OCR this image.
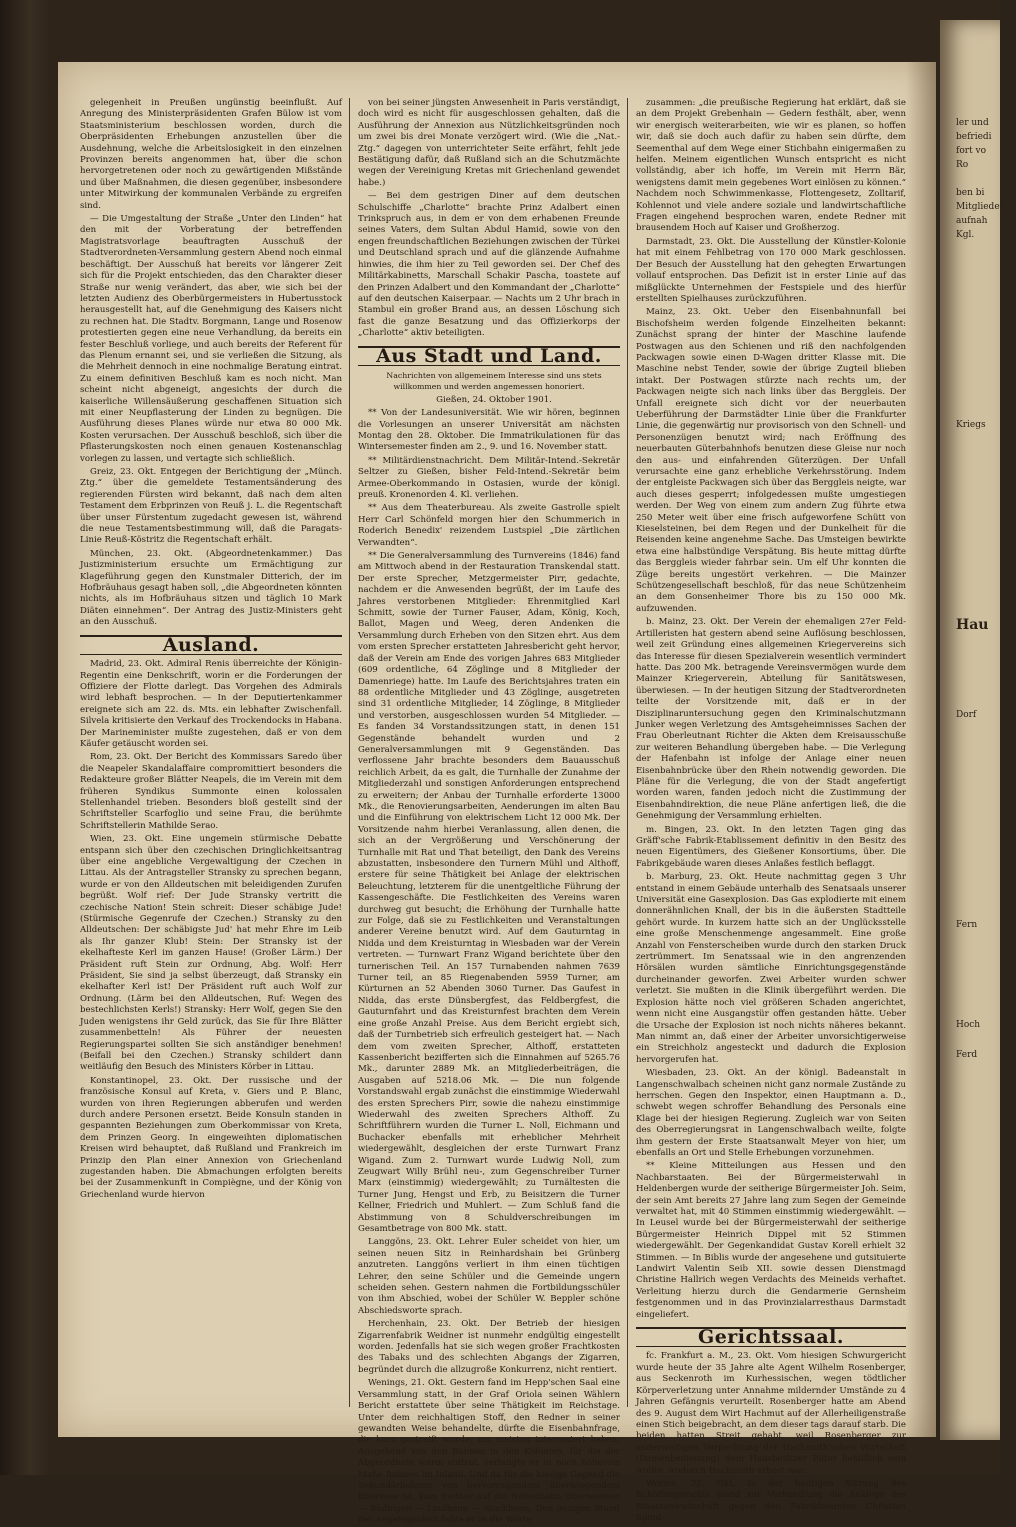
gelegenheit in Preußen ungünstig beeinflußt. Auf Anregung des Ministerpräsidenten Grafen Bülow ist vom Staatsministerium beschlossen worden, durch die Oberpräsidenten Erhebungen anzustellen über die Ausdehnung, welche die Arbeitslosigkeit in den einzelnen Provinzen bereits angenommen hat, über die schon hervorgetretenen oder noch zu gewärtigenden Mißstände und über Maßnahmen, die diesen gegenüber, insbesondere unter Mitwirkung der kommunalen Verbände zu ergreifen sind.

— Die Umgestaltung der Straße „Unter den Linden“ hat den mit der Vorberatung der betreffenden Magistratsvorlage beauftragten Ausschuß der Stadtverordneten-Versammlung gestern Abend noch einmal beschäftigt. Der Ausschuß hat bereits vor längerer Zeit sich für die Projekt entschieden, das den Charakter dieser Straße nur wenig verändert, das aber, wie sich bei der letzten Audienz des Oberbürgermeisters in Hubertusstock herausgestellt hat, auf die Genehmigung des Kaisers nicht zu rechnen hat. Die Stadtv. Borgmann, Lange und Rosenow protestierten gegen eine neue Verhandlung, da bereits ein fester Beschluß vorliege, und auch bereits der Referent für das Plenum ernannt sei, und sie verließen die Sitzung, als die Mehrheit dennoch in eine nochmalige Beratung eintrat. Zu einem definitiven Beschluß kam es noch nicht. Man scheint nicht abgeneigt, angesichts der durch die kaiserliche Willensäußerung geschaffenen Situation sich mit einer Neupflasterung der Linden zu begnügen. Die Ausführung dieses Planes würde nur etwa 80 000 Mk. Kosten verursachen. Der Ausschuß beschloß, sich über die Pflasterungskosten noch einen genauen Kostenanschlag vorlegen zu lassen, und vertagte sich schließlich.

Greiz, 23. Okt. Entgegen der Berichtigung der „Münch. Ztg.“ über die gemeldete Testamentsänderung des regierenden Fürsten wird bekannt, daß nach dem alten Testament dem Erbprinzen von Reuß j. L. die Regentschaft über unser Fürstentum zugedacht gewesen ist, während die neue Testamentsbestimmung will, daß die Paragats-Linie Reuß-Köstritz die Regentschaft erhält.

München, 23. Okt. (Abgeordnetenkammer.) Das Justizministerium ersuchte um Ermächtigung zur Klageführung gegen den Kunstmaler Ditterich, der im Hofbräuhaus gesagt haben soll, „die Abgeordneten könnten nichts, als im Hofbräuhaus sitzen und täglich 10 Mark Diäten einnehmen“. Der Antrag des Justiz-Ministers geht an den Ausschuß.

Ausland.

Madrid, 23. Okt. Admiral Renis überreichte der Königin-Regentin eine Denkschrift, worin er die Forderungen der Offiziere der Flotte darlegt. Das Vorgehen des Admirals wird lebhaft besprochen. — In der Deputiertenkammer ereignete sich am 22. ds. Mts. ein lebhafter Zwischenfall. Silvela kritisierte den Verkauf des Trockendocks in Habana. Der Marineminister mußte zugestehen, daß er von dem Käufer getäuscht worden sei.

Rom, 23. Okt. Der Bericht des Kommissars Saredo über die Neapeler Skandalaffaire compromittiert besonders die Redakteure großer Blätter Neapels, die im Verein mit dem früheren Syndikus Summonte einen kolossalen Stellenhandel trieben. Besonders bloß gestellt sind der Schriftsteller Scarfoglio und seine Frau, die berühmte Schriftstellerin Mathilde Serao.

Wien, 23. Okt. Eine ungemein stürmische Debatte entspann sich über den czechischen Dringlichkeitsantrag über eine angebliche Vergewaltigung der Czechen in Littau. Als der Antragsteller Stransky zu sprechen begann, wurde er von den Alldeutschen mit beleidigenden Zurufen begrüßt. Wolf rief: Der Jude Stransky vertritt die czechische Nation! Stein schreit: Dieser schäbige Jude! (Stürmische Gegenrufe der Czechen.) Stransky zu den Alldeutschen: Der schäbigste Jud' hat mehr Ehre im Leib als Ihr ganzer Klub! Stein: Der Stransky ist der ekelhafteste Kerl im ganzen Hause! (Großer Lärm.) Der Präsident ruft Stein zur Ordnung, Abg. Wolf: Herr Präsident, Sie sind ja selbst überzeugt, daß Stransky ein ekelhafter Kerl ist! Der Präsident ruft auch Wolf zur Ordnung. (Lärm bei den Alldeutschen, Ruf: Wegen des bestechlichsten Kerls!) Stransky: Herr Wolf, gegen Sie den Juden wenigstens ihr Geld zurück, das Sie für Ihre Blätter zusammenbetteln! Als Führer der neuesten Regierungspartei sollten Sie sich anständiger benehmen! (Beifall bei den Czechen.) Stransky schildert dann weitläufig den Besuch des Ministers Körber in Littau.

Konstantinopel, 23. Okt. Der russische und der französische Konsul auf Kreta, v. Giers und P. Blanc, wurden von ihren Regierungen abberufen und werden durch andere Personen ersetzt. Beide Konsuln standen in gespannten Beziehungen zum Oberkommissar von Kreta, dem Prinzen Georg. In eingeweihten diplomatischen Kreisen wird behauptet, daß Rußland und Frankreich im Prinzip den Plan einer Annexion von Griechenland zugestanden haben. Die Abmachungen erfolgten bereits bei der Zusammenkunft in Compiègne, und der König von Griechenland wurde hiervon

von bei seiner jüngsten Anwesenheit in Paris verständigt, doch wird es nicht für ausgeschlossen gehalten, daß die Ausführung der Annexion aus Nützlichkeitsgründen noch um zwei bis drei Monate verzögert wird. (Wie die „Nat.-Ztg.“ dagegen von unterrichteter Seite erfährt, fehlt jede Bestätigung dafür, daß Rußland sich an die Schutzmächte wegen der Vereinigung Kretas mit Griechenland gewendet habe.)

— Bei dem gestrigen Diner auf dem deutschen Schulschiffe „Charlotte“ brachte Prinz Adalbert einen Trinkspruch aus, in dem er von dem erhabenen Freunde seines Vaters, dem Sultan Abdul Hamid, sowie von den engen freundschaftlichen Beziehungen zwischen der Türkei und Deutschland sprach und auf die glänzende Aufnahme hinwies, die ihm hier zu Teil geworden sei. Der Chef des Militärkabinetts, Marschall Schakir Pascha, toastete auf den Prinzen Adalbert und den Kommandant der „Charlotte“ auf den deutschen Kaiserpaar. — Nachts um 2 Uhr brach in Stambul ein großer Brand aus, an dessen Löschung sich fast die ganze Besatzung und das Offizierkorps der „Charlotte“ aktiv beteiligten.

Aus Stadt und Land.

Nachrichten von allgemeinem Interesse sind uns stets willkommen und werden angemessen honoriert.

Gießen, 24. Oktober 1901.

** Von der Landesuniversität. Wie wir hören, beginnen die Vorlesungen an unserer Universität am nächsten Montag den 28. Oktober. Die Immatrikulationen für das Wintersemester finden am 2., 9. und 16. November statt.

** Militärdienstnachricht. Dem Militär-Intend.-Sekretär Seltzer zu Gießen, bisher Feld-Intend.-Sekretär beim Armee-Oberkommando in Ostasien, wurde der königl. preuß. Kronenorden 4. Kl. verliehen.

** Aus dem Theaterbureau. Als zweite Gastrolle spielt Herr Carl Schönfeld morgen hier den Schummerich in Roderich Benedix' reizendem Lustspiel „Die zärtlichen Verwandten“.

** Die Generalversammlung des Turnvereins (1846) fand am Mittwoch abend in der Restauration Transkendal statt. Der erste Sprecher, Metzgermeister Pirr, gedachte, nachdem er die Anwesenden begrüßt, der im Laufe des Jahres verstorbenen Mitglieder: Ehrenmitglied Karl Schmitt, sowie der Turner Fauser, Adam, König, Koch, Ballot, Magen und Weeg, deren Andenken die Versammlung durch Erheben von den Sitzen ehrt. Aus dem vom ersten Sprecher erstatteten Jahresbericht geht hervor, daß der Verein am Ende des vorigen Jahres 683 Mitglieder (609 ordentliche, 64 Zöglinge und 8 Mitglieder der Damenriege) hatte. Im Laufe des Berichtsjahres traten ein 88 ordentliche Mitglieder und 43 Zöglinge, ausgetreten sind 31 ordentliche Mitglieder, 14 Zöglinge, 8 Mitglieder und verstorben, ausgeschlossen wurden 54 Mitglieder. — Es fanden 34 Vorstandssitzungen statt, in denen 151 Gegenstände behandelt wurden und 2 Generalversammlungen mit 9 Gegenständen. Das verflossene Jahr brachte besonders dem Bauausschuß reichlich Arbeit, da es galt, die Turnhalle der Zunahme der Mitgliederzahl und sonstigen Anforderungen entsprechend zu erweitern; der Anbau der Turnhalle erforderte 13000 Mk., die Renovierungsarbeiten, Aenderungen im alten Bau und die Einführung von elektrischem Licht 12 000 Mk. Der Vorsitzende nahm hierbei Veranlassung, allen denen, die sich an der Vergrößerung und Verschönerung der Turnhalle mit Rat und That beteiligt, den Dank des Vereins abzustatten, insbesondere den Turnern Mühl und Althoff, erstere für seine Thätigkeit bei Anlage der elektrischen Beleuchtung, letzterem für die unentgeltliche Führung der Kassengeschäfte. Die Festlichkeiten des Vereins waren durchweg gut besucht; die Erhöhung der Turnhalle hatte zur Folge, daß sie zu Festlichkeiten und Veranstaltungen anderer Vereine benutzt wird. Auf dem Gauturntag in Nidda und dem Kreisturntag in Wiesbaden war der Verein vertreten. — Turnwart Franz Wigand berichtete über den turnerischen Teil. An 157 Turnabenden nahmen 7639 Turner teil, an 85 Riegenabenden 5959 Turner, am Kürturnen an 52 Abenden 3060 Turner. Das Gaufest in Nidda, das erste Dünsbergfest, das Feldbergfest, die Gauturnfahrt und das Kreisturnfest brachten dem Verein eine große Anzahl Preise. Aus dem Bericht ergiebt sich, daß der Turnbetrieb sich erfreulich gesteigert hat. — Nach dem vom zweiten Sprecher, Althoff, erstatteten Kassenbericht bezifferten sich die Einnahmen auf 5265.76 Mk., darunter 2889 Mk. an Mitgliederbeiträgen, die Ausgaben auf 5218.06 Mk. — Die nun folgende Vorstandswahl ergab zunächst die einstimmige Wiederwahl des ersten Sprechers Pirr, sowie die nahezu einstimmige Wiederwahl des zweiten Sprechers Althoff. Zu Schriftführern wurden die Turner L. Noll, Eichmann und Buchacker ebenfalls mit erheblicher Mehrheit wiedergewählt, desgleichen der erste Turnwart Franz Wigand. Zum 2. Turnwart wurde Ludwig Noll, zum Zeugwart Willy Brühl neu-, zum Gegenschreiber Turner Marx (einstimmig) wiedergewählt; zu Turnältesten die Turner Jung, Hengst und Erb, zu Beisitzern die Turner Kellner, Friedrich und Muhlert. — Zum Schluß fand die Abstimmung von 8 Schuldverschreibungen im Gesamtbetrage von 800 Mk. statt.

Langgöns, 23. Okt. Lehrer Euler scheidet von hier, um seinen neuen Sitz in Reinhardshain bei Grünberg anzutreten. Langgöns verliert in ihm einen tüchtigen Lehrer, den seine Schüler und die Gemeinde ungern scheiden sehen. Gestern nahmen die Fortbildungsschüler von ihm Abschied, wobei der Schüler W. Beppler schöne Abschiedsworte sprach.

Herchenhain, 23. Okt. Der Betrieb der hiesigen Zigarrenfabrik Weidner ist nunmehr endgültig eingestellt worden. Jedenfalls hat sie sich wegen großer Frachtkosten des Tabaks und des schlechten Abgangs der Zigarren, begründet durch die allzugroße Konkurrenz, nicht rentiert.

Wenings, 21. Okt. Gestern fand im Hepp'schen Saal eine Versammlung statt, in der Graf Oriola seinen Wählern Bericht erstattete über seine Thätigkeit im Reichstage. Unter dem reichhaltigen Stoff, den Redner in seiner gewandten Weise behandelte, dürfte die Eisenbahnfrage, die kurz gestreift wurde, am meisten interessiert haben. Ausgehend von den Bahnen in den Kolonien, für die der Abgeordnete warm eintrat, verlangte er in noch höherem Maße Bahnen im Inland. Und da für die hiesige Gegend die Sekundärbahnen von hervorragendem überwiegendem Interesse ist, kam Redner auf die Nebenbahn Oberseemen — Büdingen — Lindheim — Stockheim. Den jetzigen Stand der Angelegenheit faßte er in die Worte

zusammen: „die preußische Regierung hat erklärt, daß sie an dem Projekt Grebenhain — Gedern festhält, aber, wenn wir energisch weiterarbeiten, wie wir es planen, so hoffen wir, daß sie doch auch dafür zu haben sein dürfte, dem Seementhal auf dem Wege einer Stichbahn einigermaßen zu helfen. Meinem eigentlichen Wunsch entspricht es nicht vollständig, aber ich hoffe, im Verein mit Herrn Bär, wenigstens damit mein gegebenes Wort einlösen zu können.“ Nachdem noch Schwimmenkasse, Flottengesetz, Zolltarif, Kohlennot und viele andere soziale und landwirtschaftliche Fragen eingehend besprochen waren, endete Redner mit brausendem Hoch auf Kaiser und Großherzog.

Darmstadt, 23. Okt. Die Ausstellung der Künstler-Kolonie hat mit einem Fehlbetrag von 170 000 Mark geschlossen. Der Besuch der Ausstellung hat den gehegten Erwartungen vollauf entsprochen. Das Defizit ist in erster Linie auf das mißglückte Unternehmen der Festspiele und des hierfür erstellten Spielhauses zurückzuführen.

Mainz, 23. Okt. Ueber den Eisenbahnunfall bei Bischofsheim werden folgende Einzelheiten bekannt: Zunächst sprang der hinter der Maschine laufende Postwagen aus den Schienen und riß den nachfolgenden Packwagen sowie einen D-Wagen dritter Klasse mit. Die Maschine nebst Tender, sowie der übrige Zugteil blieben intakt. Der Postwagen stürzte nach rechts um, der Packwagen neigte sich nach links über das Berggleis. Der Unfall ereignete sich dicht vor der neuerbauten Ueberführung der Darmstädter Linie über die Frankfurter Linie, die gegenwärtig nur provisorisch von den Schnell- und Personenzügen benutzt wird; nach Eröffnung des neuerbauten Güterbahnhofs benutzen diese Gleise nur noch den aus- und einfahrenden Güterzügen. Der Unfall verursachte eine ganz erhebliche Verkehrsstörung. Indem der entgleiste Packwagen sich über das Berggleis neigte, war auch dieses gesperrt; infolgedessen mußte umgestiegen werden. Der Weg von einem zum andern Zug führte etwa 250 Meter weit über eine frisch aufgeworfene Schütt von Kieselsteinen, bei dem Regen und der Dunkelheit für die Reisenden keine angenehme Sache. Das Umsteigen bewirkte etwa eine halbstündige Verspätung. Bis heute mittag dürfte das Berggleis wieder fahrbar sein. Um elf Uhr konnten die Züge bereits ungestört verkehren. — Die Mainzer Schützengesellschaft beschloß, für das neue Schützenheim an dem Gonsenheimer Thore bis zu 150 000 Mk. aufzuwenden.

b. Mainz, 23. Okt. Der Verein der ehemaligen 27er Feld-Artilleristen hat gestern abend seine Auflösung beschlossen, weil zeit Gründung eines allgemeinen Kriegervereins sich das Interesse für diesen Spezialverein wesentlich vermindert hatte. Das 200 Mk. betragende Vereinsvermögen wurde dem Mainzer Kriegerverein, Abteilung für Sanitätswesen, überwiesen. — In der heutigen Sitzung der Stadtverordneten teilte der Vorsitzende mit, daß er in der Disziplinaruntersuchung gegen den Kriminalschutzmann Junker wegen Verletzung des Amtsgeheimnisses Sachen der Frau Oberleutnant Richter die Akten dem Kreisausschuße zur weiteren Behandlung übergeben habe. — Die Verlegung der Hafenbahn ist infolge der Anlage einer neuen Eisenbahnbrücke über den Rhein notwendig geworden. Die Pläne für die Verlegung, die von der Stadt angefertigt worden waren, fanden jedoch nicht die Zustimmung der Eisenbahndirektion, die neue Pläne anfertigen ließ, die die Genehmigung der Versammlung erhielten.

m. Bingen, 23. Okt. In den letzten Tagen ging das Gräff'sche Fabrik-Etablissement definitiv in den Besitz des neuen Eigentümers, des Gießener Konsortiums, über. Die Fabrikgebäude waren dieses Anlaßes festlich beflaggt.

b. Marburg, 23. Okt. Heute nachmittag gegen 3 Uhr entstand in einem Gebäude unterhalb des Senatsaals unserer Universität eine Gasexplosion. Das Gas explodierte mit einem donnerähnlichen Knall, der bis in die äußersten Stadtteile gehört wurde. In kurzem hatte sich an der Unglücksstelle eine große Menschenmenge angesammelt. Eine große Anzahl von Fensterscheiben wurde durch den starken Druck zertrümmert. Im Senatssaal wie in den angrenzenden Hörsälen wurden sämtliche Einrichtungsgegenstände durcheinander geworfen. Zwei Arbeiter wurden schwer verletzt. Sie mußten in die Klinik übergeführt werden. Die Explosion hätte noch viel größeren Schaden angerichtet, wenn nicht eine Ausgangstür offen gestanden hätte. Ueber die Ursache der Explosion ist noch nichts näheres bekannt. Man nimmt an, daß einer der Arbeiter unvorsichtigerweise ein Streichholz angesteckt und dadurch die Explosion hervorgerufen hat.

Wiesbaden, 23. Okt. An der königl. Badeanstalt in Langenschwalbach scheinen nicht ganz normale Zustände zu herrschen. Gegen den Inspektor, einen Hauptmann a. D., schwebt wegen schroffer Behandlung des Personals eine Klage bei der hiesigen Regierung. Zugleich war von Seiten des Oberregierungsrat in Langenschwalbach weilte, folgte ihm gestern der Erste Staatsanwalt Meyer von hier, um ebenfalls an Ort und Stelle Erhebungen vorzunehmen.

** Kleine Mitteilungen aus Hessen und den Nachbarstaaten. Bei der Bürgermeisterwahl in Heldenbergen wurde der seitherige Bürgermeister Joh. Seim, der sein Amt bereits 27 Jahre lang zum Segen der Gemeinde verwaltet hat, mit 40 Stimmen einstimmig wiedergewählt. — In Leusel wurde bei der Bürgermeisterwahl der seitherige Bürgermeister Heinrich Dippel mit 52 Stimmen wiedergewählt. Der Gegenkandidat Gustav Korell erhielt 32 Stimmen. — In Biblis wurde der angesehene und gutsituierte Landwirt Valentin Seib XII. sowie dessen Dienstmagd Christine Hallrich wegen Verdachts des Meineids verhaftet. Verleitung hierzu durch die Gendarmerie Gernsheim festgenommen und in das Provinzialarresthaus Darmstadt eingeliefert.

Gerichtssaal.

fc. Frankfurt a. M., 23. Okt. Vom hiesigen Schwurgericht wurde heute der 35 Jahre alte Agent Wilhelm Rosenberger, aus Seckenroth im Kurhessischen, wegen tödtlicher Körperverletzung unter Annahme mildernder Umstände zu 4 Jahren Gefängnis verurteilt. Rosenberger hatte am Abend des 9. August dem Wirt Hachmut auf der Allerheiligenstraße einen Stich beigebracht, an dem dieser tags darauf starb. Die beiden hatten Streit gehabt, weil Rosenberger zur anderweitigen Verpachtung der Hachmuth'schen Wirtschaft (Damenbedienung) dem Hausbesitzer Piltor behilflich sein wollte, wodurch Hachmuth erbost war.

Worms, 22. Okt. In der heutigen Sitzung des Schöffengerichts stand zur Verhandlung die Anklage des Staatsanwaltschaft gegen den Fabrikbeamten Christian Spind-

ler und
befriedi
fort vo
Ro
ben bi
Mitglieder
aufnah
Kgl.
Kriegs
Hau
Dorf
Fern
Hoch
Ferd
